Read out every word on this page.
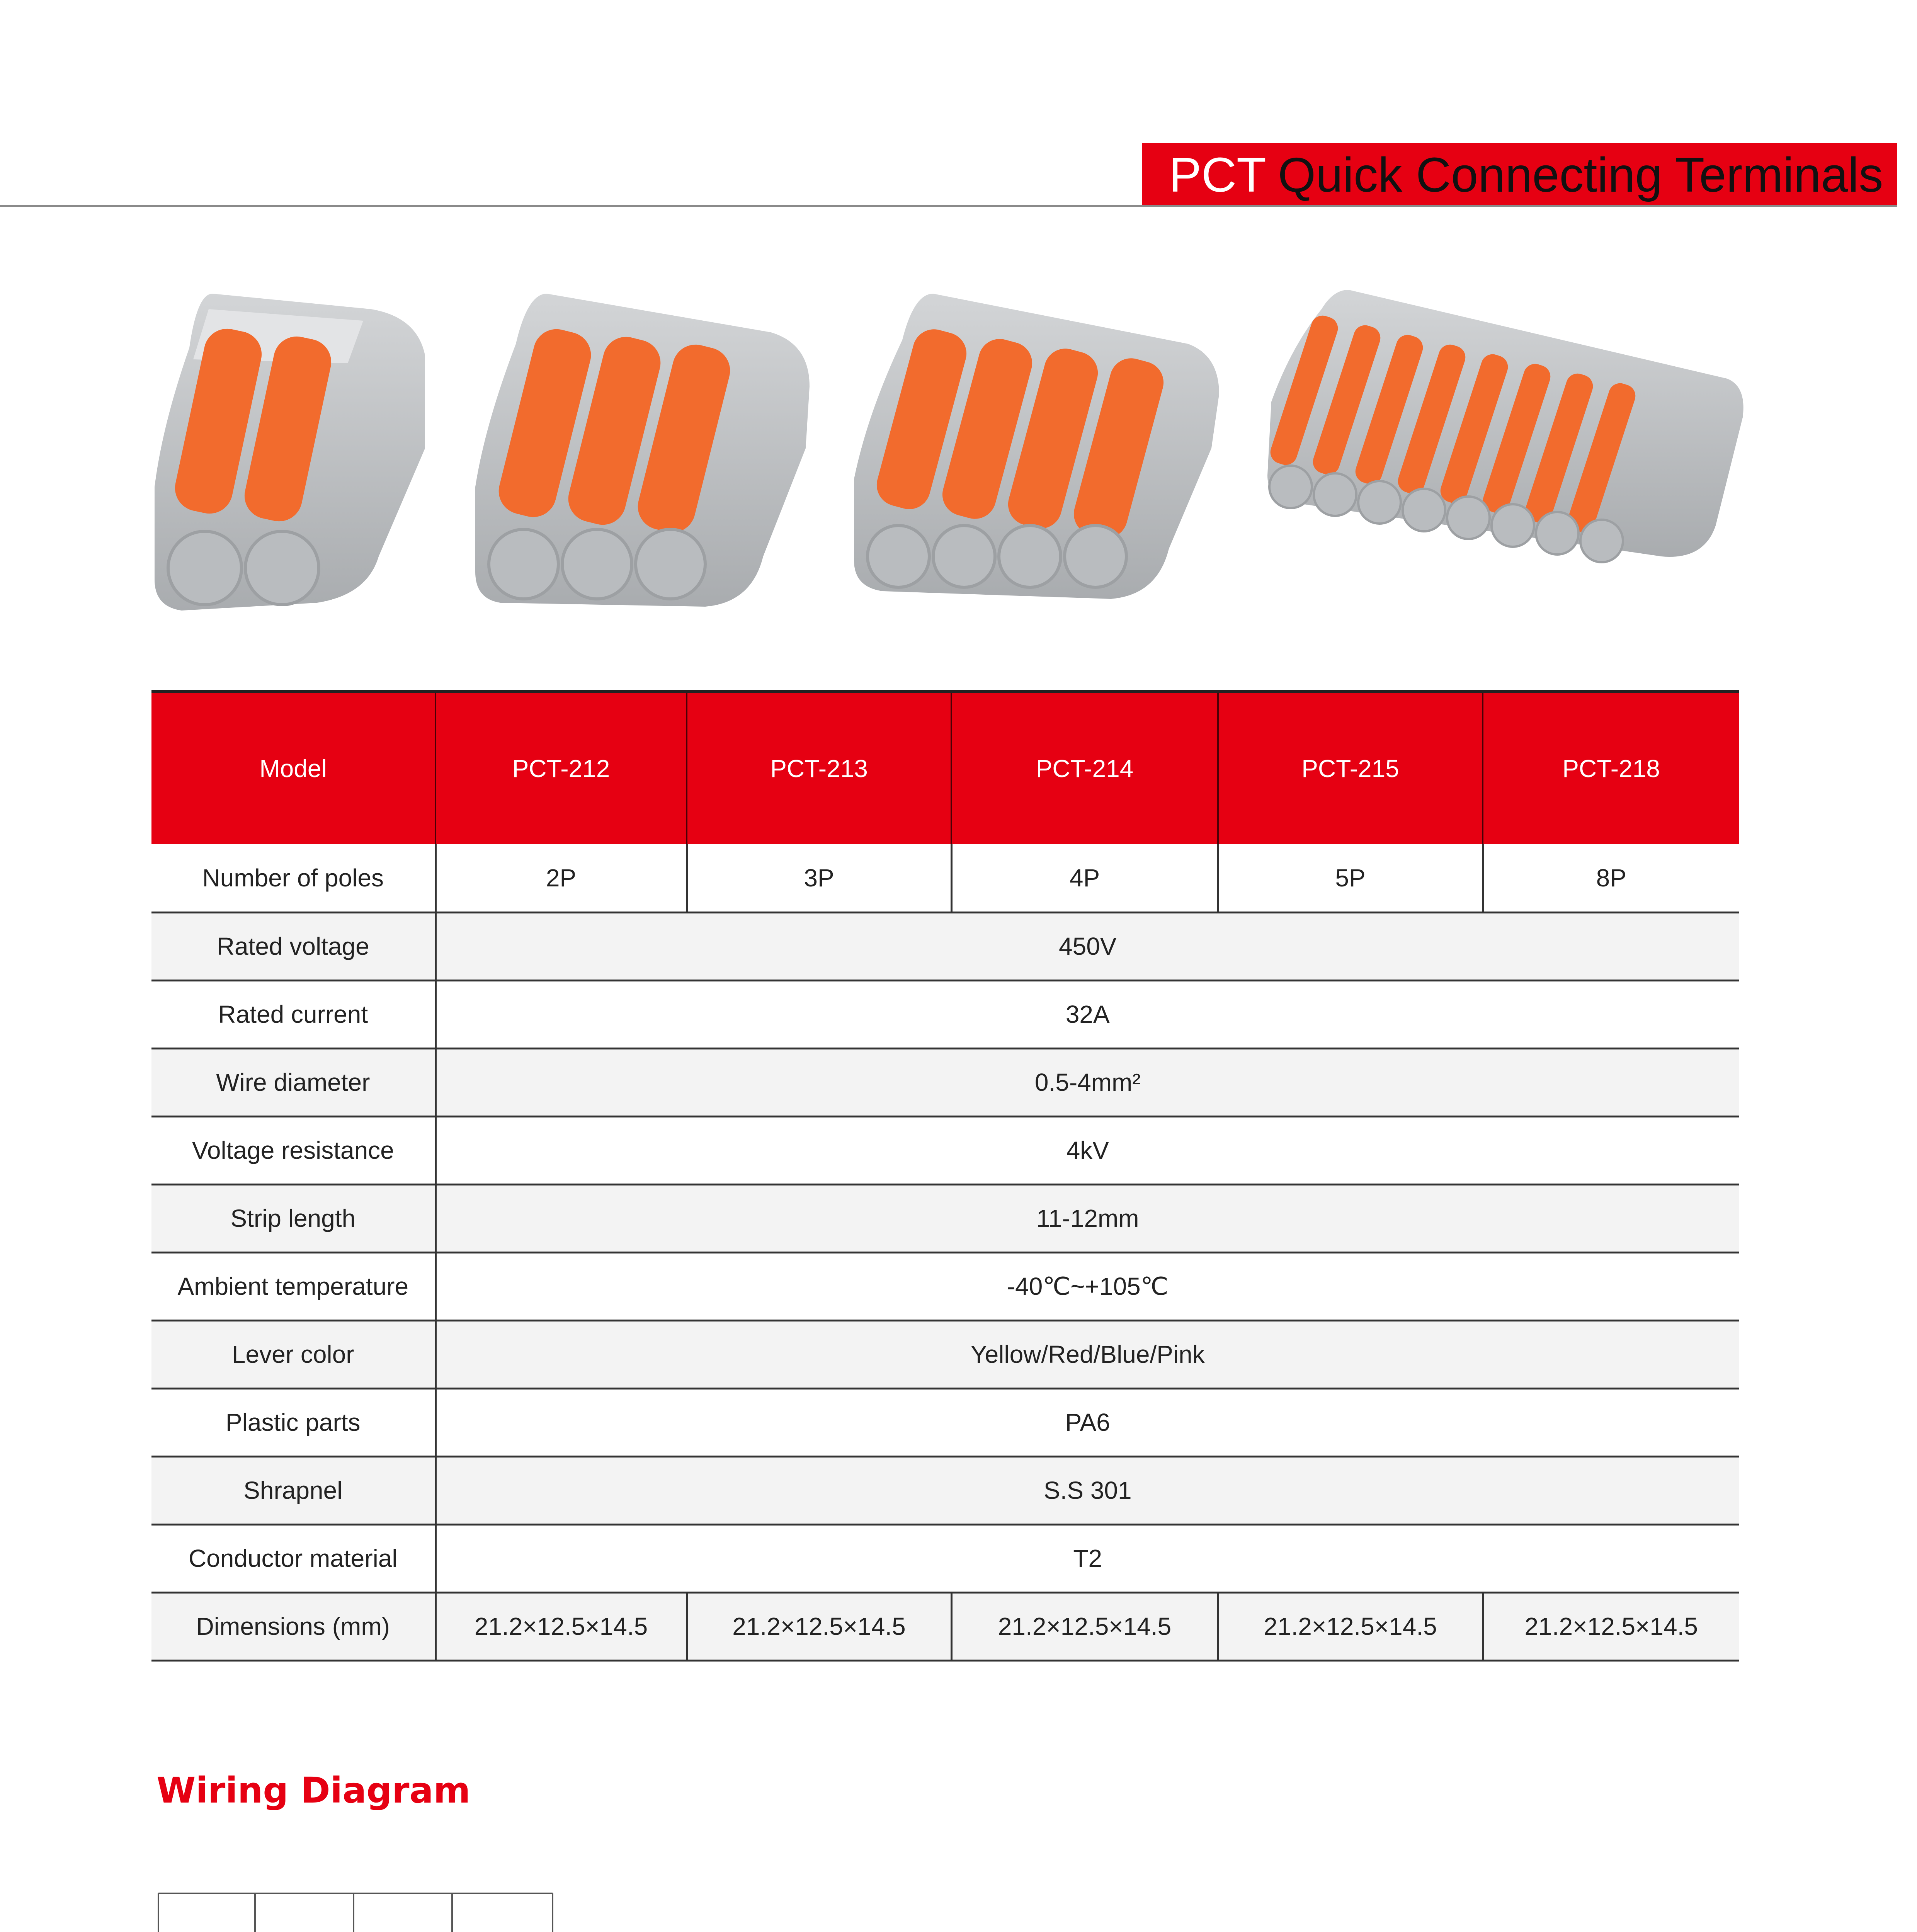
PCT Quick Connecting Terminals
Model	PCT-212	PCT-213	PCT-214	PCT-215	PCT-218
Number of poles	2P	3P	4P	5P	8P
Rated voltage	450V				
Rated current	32A				
Wire diameter	0.5-4mm²				
Voltage resistance	4kV				
Strip length	11-12mm				
Ambient temperature	-40℃~+105℃				
Lever color	Yellow/Red/Blue/Pink				
Plastic parts	PA6				
Shrapnel	S.S 301				
Conductor material	T2				
Dimensions (mm)	21.2×12.5×14.5	21.2×12.5×14.5	21.2×12.5×14.5	21.2×12.5×14.5	21.2×12.5×14.5
Wiring Diagram
